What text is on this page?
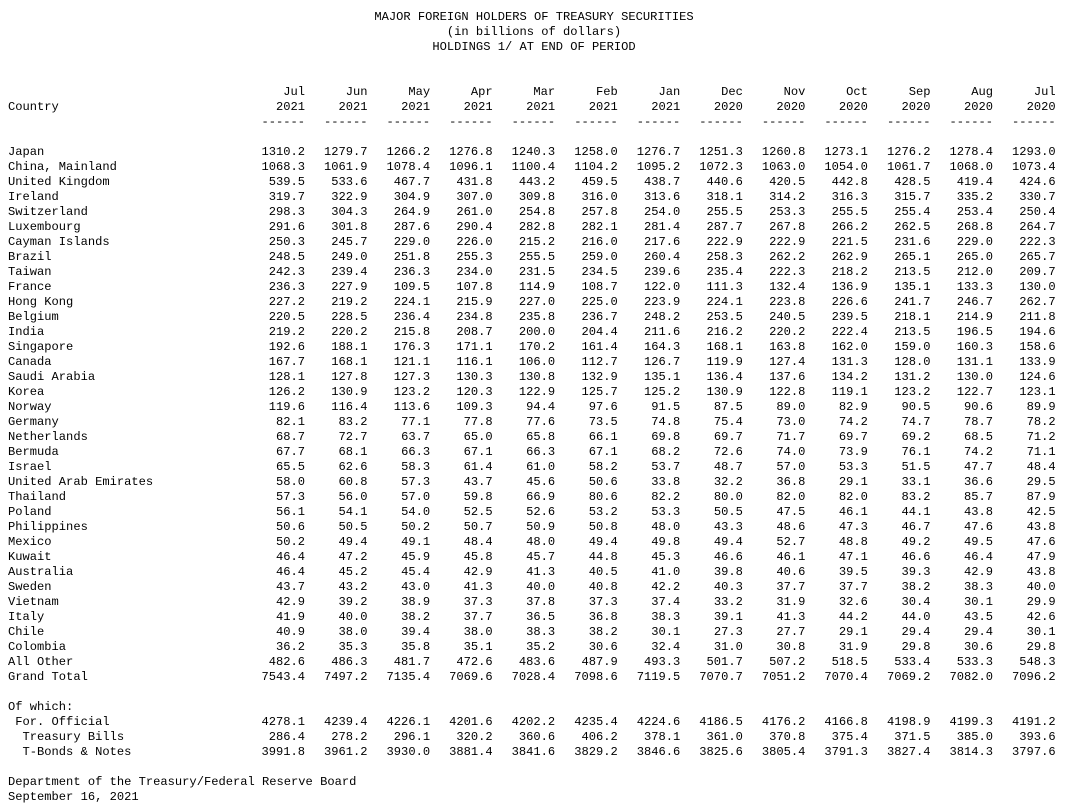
MAJOR FOREIGN HOLDERS OF TREASURY SECURITIES
(in billions of dollars)
HOLDINGS 1/ AT END OF PERIOD
Jul	Jun	May	Apr	Mar	Feb	Jan	Dec	Nov	Oct	Sep	Aug	Jul

Country

	2021	2021	2021	2021	2021	2021	2021	2020	2020	2020	2020	2020	2020
------	------	------	------	------	------	------	------	------	------	------	------	------
Japan	1310.2	1279.7	1266.2	1276.8	1240.3	1258.0	1276.7	1251.3	1260.8	1273.1	1276.2	1278.4	1293.0
China, Mainland	1068.3	1061.9	1078.4	1096.1	1100.4	1104.2	1095.2	1072.3	1063.0	1054.0	1061.7	1068.0	1073.4
United Kingdom	539.5	533.6	467.7	431.8	443.2	459.5	438.7	440.6	420.5	442.8	428.5	419.4	424.6
Ireland	319.7	322.9	304.9	307.0	309.8	316.0	313.6	318.1	314.2	316.3	315.7	335.2	330.7
Switzerland	298.3	304.3	264.9	261.0	254.8	257.8	254.0	255.5	253.3	255.5	255.4	253.4	250.4
Luxembourg	291.6	301.8	287.6	290.4	282.8	282.1	281.4	287.7	267.8	266.2	262.5	268.8	264.7
Cayman Islands	250.3	245.7	229.0	226.0	215.2	216.0	217.6	222.9	222.9	221.5	231.6	229.0	222.3
Brazil	248.5	249.0	251.8	255.3	255.5	259.0	260.4	258.3	262.2	262.9	265.1	265.0	265.7
Taiwan	242.3	239.4	236.3	234.0	231.5	234.5	239.6	235.4	222.3	218.2	213.5	212.0	209.7
France	236.3	227.9	109.5	107.8	114.9	108.7	122.0	111.3	132.4	136.9	135.1	133.3	130.0
Hong Kong	227.2	219.2	224.1	215.9	227.0	225.0	223.9	224.1	223.8	226.6	241.7	246.7	262.7
Belgium	220.5	228.5	236.4	234.8	235.8	236.7	248.2	253.5	240.5	239.5	218.1	214.9	211.8
India	219.2	220.2	215.8	208.7	200.0	204.4	211.6	216.2	220.2	222.4	213.5	196.5	194.6
Singapore	192.6	188.1	176.3	171.1	170.2	161.4	164.3	168.1	163.8	162.0	159.0	160.3	158.6
Canada	167.7	168.1	121.1	116.1	106.0	112.7	126.7	119.9	127.4	131.3	128.0	131.1	133.9
Saudi Arabia	128.1	127.8	127.3	130.3	130.8	132.9	135.1	136.4	137.6	134.2	131.2	130.0	124.6
Korea	126.2	130.9	123.2	120.3	122.9	125.7	125.2	130.9	122.8	119.1	123.2	122.7	123.1
Norway	119.6	116.4	113.6	109.3	94.4	97.6	91.5	87.5	89.0	82.9	90.5	90.6	89.9
Germany	82.1	83.2	77.1	77.8	77.6	73.5	74.8	75.4	73.0	74.2	74.7	78.7	78.2
Netherlands	68.7	72.7	63.7	65.0	65.8	66.1	69.8	69.7	71.7	69.7	69.2	68.5	71.2
Bermuda	67.7	68.1	66.3	67.1	66.3	67.1	68.2	72.6	74.0	73.9	76.1	74.2	71.1
Israel	65.5	62.6	58.3	61.4	61.0	58.2	53.7	48.7	57.0	53.3	51.5	47.7	48.4
United Arab Emirates	58.0	60.8	57.3	43.7	45.6	50.6	33.8	32.2	36.8	29.1	33.1	36.6	29.5
Thailand	57.3	56.0	57.0	59.8	66.9	80.6	82.2	80.0	82.0	82.0	83.2	85.7	87.9
Poland	56.1	54.1	54.0	52.5	52.6	53.2	53.3	50.5	47.5	46.1	44.1	43.8	42.5
Philippines	50.6	50.5	50.2	50.7	50.9	50.8	48.0	43.3	48.6	47.3	46.7	47.6	43.8
Mexico	50.2	49.4	49.1	48.4	48.0	49.4	49.8	49.4	52.7	48.8	49.2	49.5	47.6
Kuwait	46.4	47.2	45.9	45.8	45.7	44.8	45.3	46.6	46.1	47.1	46.6	46.4	47.9
Australia	46.4	45.2	45.4	42.9	41.3	40.5	41.0	39.8	40.6	39.5	39.3	42.9	43.8
Sweden	43.7	43.2	43.0	41.3	40.0	40.8	42.2	40.3	37.7	37.7	38.2	38.3	40.0
Vietnam	42.9	39.2	38.9	37.3	37.8	37.3	37.4	33.2	31.9	32.6	30.4	30.1	29.9
Italy	41.9	40.0	38.2	37.7	36.5	36.8	38.3	39.1	41.3	44.2	44.0	43.5	42.6
Chile	40.9	38.0	39.4	38.0	38.3	38.2	30.1	27.3	27.7	29.1	29.4	29.4	30.1
Colombia	36.2	35.3	35.8	35.1	35.2	30.6	32.4	31.0	30.8	31.9	29.8	30.6	29.8
All Other	482.6	486.3	481.7	472.6	483.6	487.9	493.3	501.7	507.2	518.5	533.4	533.3	548.3
Grand Total	7543.4	7497.2	7135.4	7069.6	7028.4	7098.6	7119.5	7070.7	7051.2	7070.4	7069.2	7082.0	7096.2

Of which:

For. Official	4278.1	4239.4	4226.1	4201.6	4202.2	4235.4	4224.6	4186.5	4176.2	4166.8	4198.9	4199.3	4191.2
Treasury Bills	286.4	278.2	296.1	320.2	360.6	406.2	378.1	361.0	370.8	375.4	371.5	385.0	393.6
T-Bonds & Notes	3991.8	3961.2	3930.0	3881.4	3841.6	3829.2	3846.6	3825.6	3805.4	3791.3	3827.4	3814.3	3797.6
Department of the Treasury/Federal Reserve Board
September 16, 2021
